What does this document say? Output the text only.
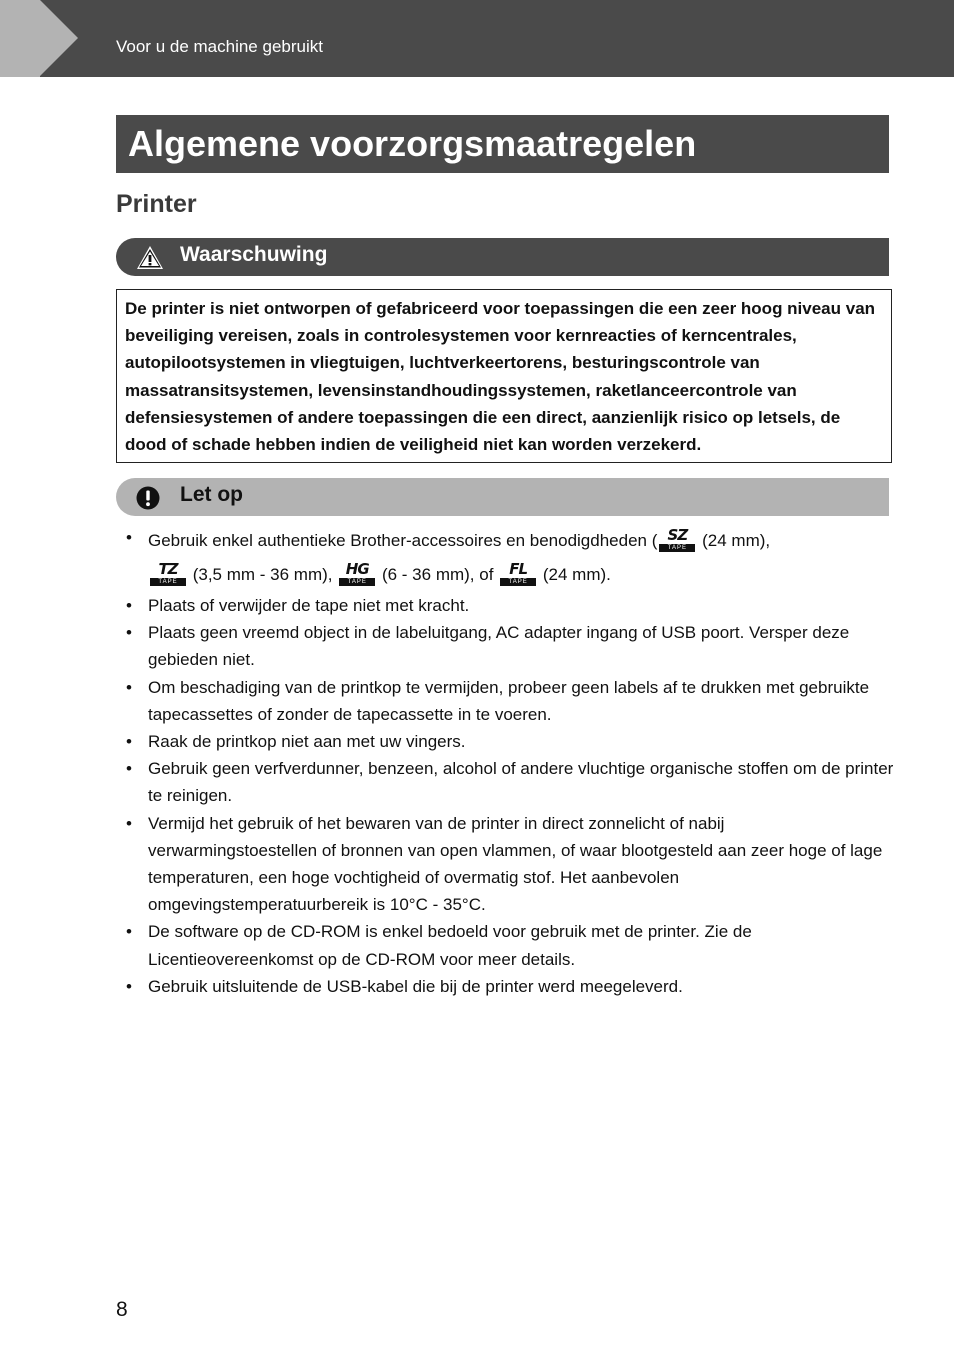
Voor u de machine gebruikt
Algemene voorzorgsmaatregelen
Printer
Waarschuwing
De printer is niet ontworpen of gefabriceerd voor toepassingen die een zeer hoog niveau van beveiliging vereisen, zoals in controlesystemen voor kernreacties of kerncentrales, autopilootsystemen in vliegtuigen, luchtverkeertorens, besturingscontrole van massatransitsystemen, levensinstandhoudingssystemen, raketlanceercontrole van defensiesystemen of andere toepassingen die een direct, aanzienlijk risico op letsels, de dood of schade hebben indien de veiligheid niet kan worden verzekerd.
Let op
• Gebruik enkel authentieke Brother-accessoires en benodigdheden ( SZ
TAPE (24 mm),
TZ
TAPE (3,5 mm - 36 mm), HG
TAPE (6 - 36 mm), of FL
TAPE (24 mm).
• Plaats of verwijder de tape niet met kracht.
• Plaats geen vreemd object in de labeluitgang, AC adapter ingang of USB poort. Versper deze gebieden niet.
• Om beschadiging van de printkop te vermijden, probeer geen labels af te drukken met gebruikte tapecassettes of zonder de tapecassette in te voeren.
• Raak de printkop niet aan met uw vingers.
• Gebruik geen verfverdunner, benzeen, alcohol of andere vluchtige organische stoffen om de printer te reinigen.
• Vermijd het gebruik of het bewaren van de printer in direct zonnelicht of nabij verwarmingstoestellen of bronnen van open vlammen, of waar blootgesteld aan zeer hoge of lage temperaturen, een hoge vochtigheid of overmatig stof. Het aanbevolen omgevingstemperatuurbereik is 10°C - 35°C.
• De software op de CD-ROM is enkel bedoeld voor gebruik met de printer. Zie de Licentieovereenkomst op de CD-ROM voor meer details.
• Gebruik uitsluitende de USB-kabel die bij de printer werd meegeleverd.
8
